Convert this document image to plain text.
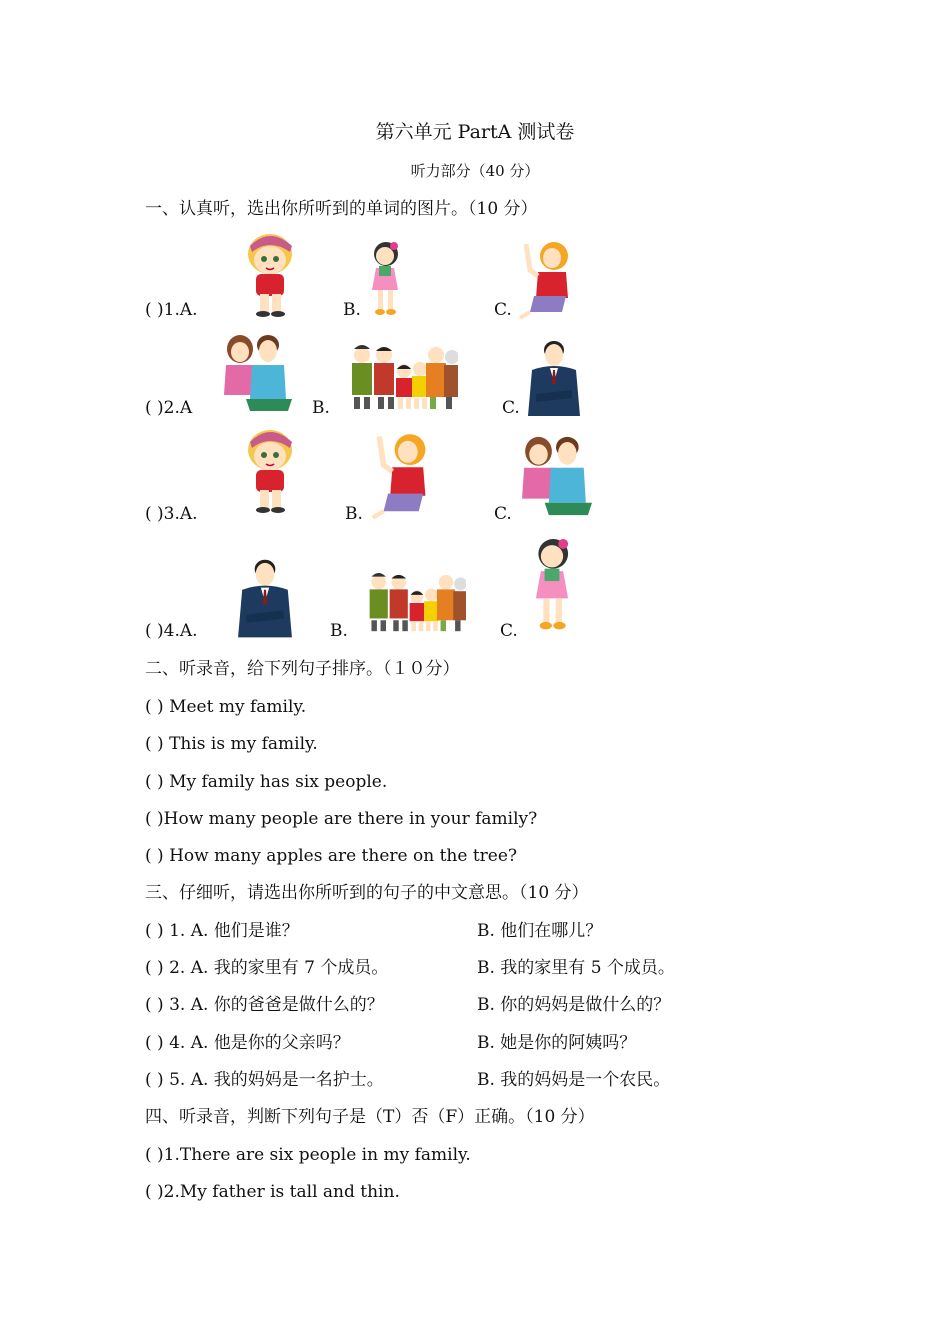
第六单元 PartA 测试卷
听力部分（40 分）
一、认真听，选出你所听到的单词的图片。（10 分）
( )1.A.	B.	C.
( )2.A	B.	C.
( )3.A.	B.	C.
( )4.A.	B.	C.
二、听录音，给下列句子排序。（１０分）
( ) Meet my family.
( ) This is my family.
( ) My family has six people.
( )How many people are there in your family?
( ) How many apples are there on the tree?
三、仔细听，请选出你所听到的句子的中文意思。（10 分）
( ) 1. A. 他们是谁？	B. 他们在哪儿？
( ) 2. A. 我的家里有 7 个成员。	B. 我的家里有 5 个成员。
( ) 3. A. 你的爸爸是做什么的？	B. 你的妈妈是做什么的？
( ) 4. A. 他是你的父亲吗？	B. 她是你的阿姨吗？
( ) 5. A. 我的妈妈是一名护士。	B. 我的妈妈是一个农民。
四、听录音，判断下列句子是（T）否（F）正确。（10 分）
( )1.There are six people in my family.
( )2.My father is tall and thin.
